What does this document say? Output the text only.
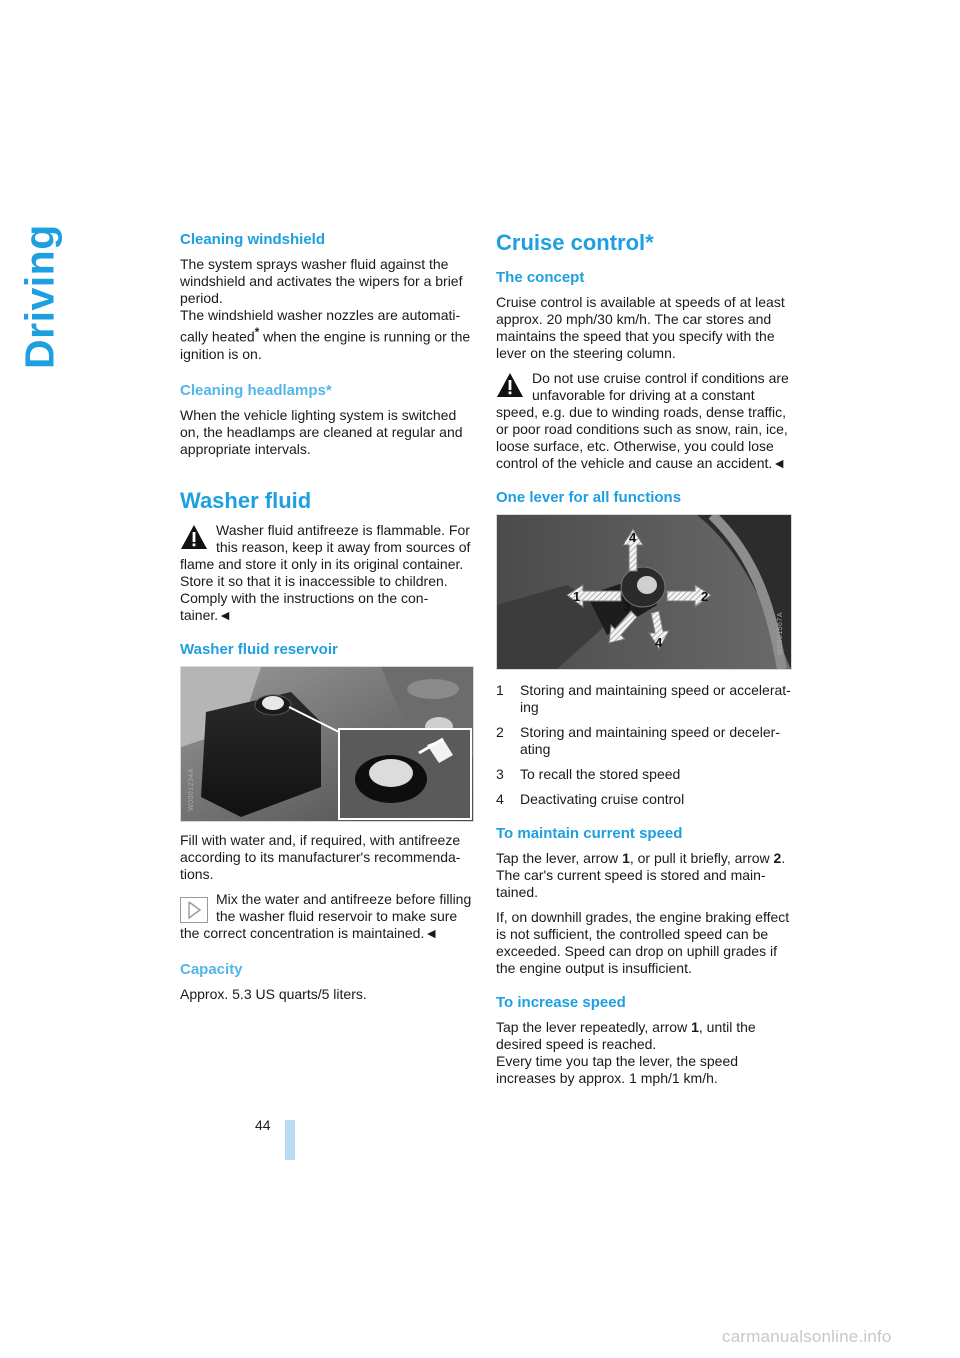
Driving	Cleaning windshield

The system sprays washer fluid against the windshield and activates the wipers for a brief period.

The windshield washer nozzles are automati-cally heated* when the engine is running or the ignition is on.

Cleaning headlamps*

When the vehicle lighting system is switched on, the headlamps are cleaned at regular and appropriate intervals.

Washer fluid
Washer fluid antifreeze is flammable. For this reason, keep it away from sources of flame and store it only in its original container. Store it so that it is inaccessible to children. Comply with the instructions on the con-tainer.◄
Washer fluid reservoir
W0001234A

Fill with water and, if required, with antifreeze according to its manufacturer's recommenda-tions.

Mix the water and antifreeze before filling the washer fluid reservoir to make sure the correct concentration is maintained.◄
Capacity

Approx. 5.3 US quarts/5 liters.

Cruise control*
The concept

Cruise control is available at speeds of at least approx. 20 mph/30 km/h. The car stores and maintains the speed that you specify with the lever on the steering column.

Do not use cruise control if conditions are unfavorable for driving at a constant speed, e.g. due to winding roads, dense traffic, or poor road conditions such as snow, rain, ice, loose surface, etc. Otherwise, you could lose control of the vehicle and cause an accident.◄
One lever for all functions
4
1	2
3
4	W0001567A
1	Storing and maintaining speed or accelerat-ing
2	Storing and maintaining speed or deceler-ating
3	To recall the stored speed
4	Deactivating cruise control
To maintain current speed

Tap the lever, arrow 1, or pull it briefly, arrow 2. The car's current speed is stored and main-tained.

If, on downhill grades, the engine braking effect is not sufficient, the controlled speed can be exceeded. Speed can drop on uphill grades if the engine output is insufficient.

To increase speed

Tap the lever repeatedly, arrow 1, until the desired speed is reached.

Every time you tap the lever, the speed increases by approx. 1 mph/1 km/h.

44
carmanualsonline.info
